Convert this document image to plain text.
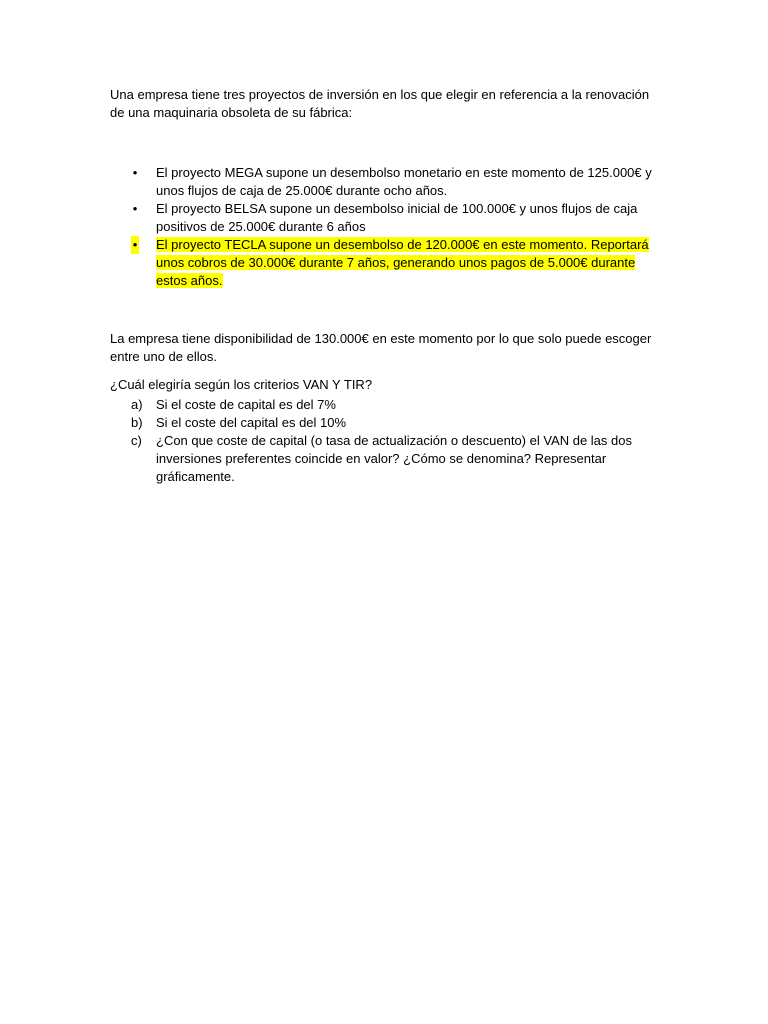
Una empresa tiene tres proyectos de inversión en los que elegir en referencia a la renovación de una maquinaria obsoleta de su fábrica:

• El proyecto MEGA supone un desembolso monetario en este momento de 125.000€ y unos flujos de caja de 25.000€ durante ocho años.
• El proyecto BELSA supone un desembolso inicial de 100.000€ y unos flujos de caja positivos de 25.000€ durante 6 años
• El proyecto TECLA supone un desembolso de 120.000€ en este momento. Reportará unos cobros de 30.000€ durante 7 años, generando unos pagos de 5.000€ durante estos años.

La empresa tiene disponibilidad de 130.000€ en este momento por lo que solo puede escoger entre uno de ellos.

¿Cuál elegiría según los criterios VAN Y TIR?

a) Si el coste de capital es del 7%
b) Si el coste del capital es del 10%
c) ¿Con que coste de capital (o tasa de actualización o descuento) el VAN de las dos inversiones preferentes coincide en valor? ¿Cómo se denomina? Representar gráficamente.
